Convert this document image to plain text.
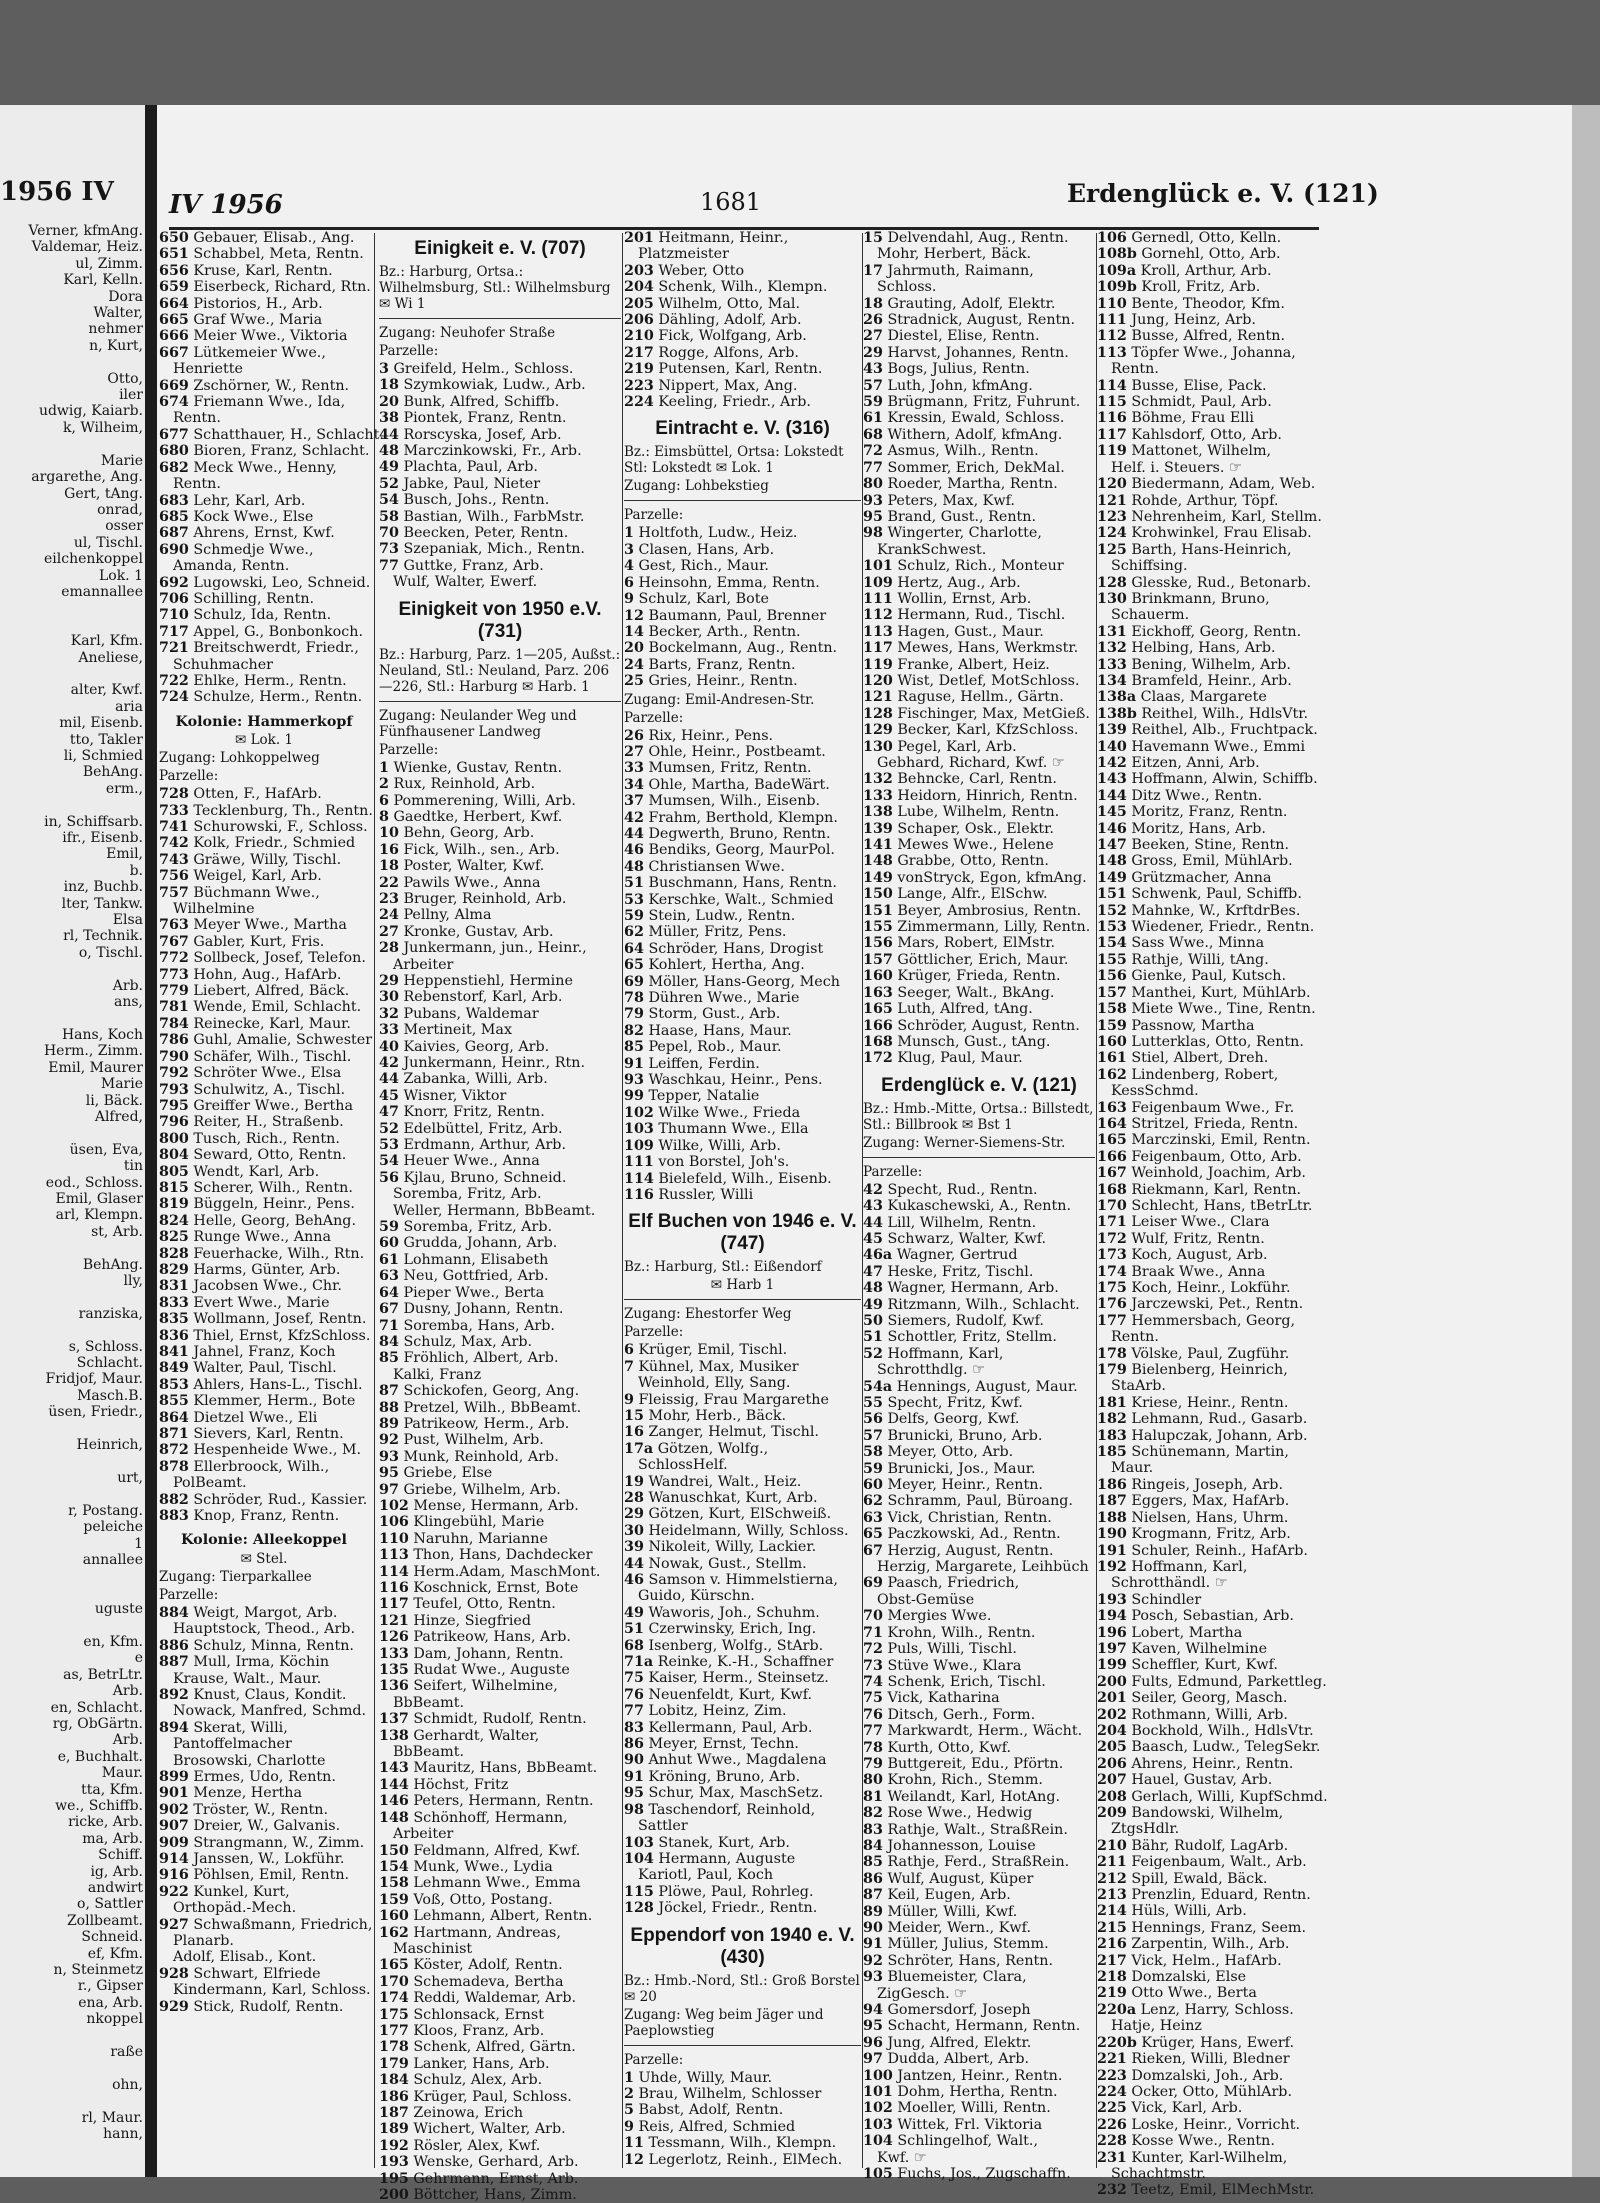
1956 IV
Verner, kfmAng.
Valdemar, Heiz.
ul, Zimm.
Karl, Kelln.
Dora
Walter,
nehmer
n, Kurt,

Otto,
iler
udwig, Kaiarb.
k, Wilheim,

Marie
argarethe, Ang.
Gert, tAng.
onrad,
osser
ul, Tischl.
eilchenkoppel
Lok. 1
emannallee

Karl, Kfm.
Aneliese,

alter, Kwf.
aria
mil, Eisenb.
tto, Takler
li, Schmied
BehAng.
erm.,

in, Schiffsarb.
ifr., Eisenb.
Emil,
b.
inz, Buchb.
lter, Tankw.
Elsa
rl, Technik.
o, Tischl.

Arb.
ans,

Hans, Koch
Herm., Zimm.
Emil, Maurer
Marie
li, Bäck.
Alfred,

üsen, Eva,
tin
eod., Schloss.
Emil, Glaser
arl, Klempn.
st, Arb.

BehAng.
lly,

ranziska,

s, Schloss.
Schlacht.
Fridjof, Maur.
Masch.B.
üsen, Friedr.,

Heinrich,

urt,

r, Postang.
peleiche
1
annallee

uguste

en, Kfm.
e
as, BetrLtr.
Arb.
en, Schlacht.
rg, ObGärtn.
Arb.
e, Buchhalt.
Maur.
tta, Kfm.
we., Schiffb.
ricke, Arb.
ma, Arb.
Schiff.
ig, Arb.
andwirt
o, Sattler
Zollbeamt.
Schneid.
ef, Kfm.
n, Steinmetz
r., Gipser
ena, Arb.
nkoppel

raße

ohn,

rl, Maur.
hann,
IV 1956	1681	Erdenglück e. V. (121)
650 Gebauer, Elisab., Ang.
651 Schabbel, Meta, Rentn.
656 Kruse, Karl, Rentn.
659 Eiserbeck, Richard, Rtn.
664 Pistorios, H., Arb.
665 Graf Wwe., Maria
666 Meier Wwe., Viktoria
667 Lütkemeier Wwe.,
Henriette
669 Zschörner, W., Rentn.
674 Friemann Wwe., Ida,
Rentn.
677 Schatthauer, H., Schlacht.
680 Bioren, Franz, Schlacht.
682 Meck Wwe., Henny,
Rentn.
683 Lehr, Karl, Arb.
685 Kock Wwe., Else
687 Ahrens, Ernst, Kwf.
690 Schmedje Wwe.,
Amanda, Rentn.
692 Lugowski, Leo, Schneid.
706 Schilling, Rentn.
710 Schulz, Ida, Rentn.
717 Appel, G., Bonbonkoch.
721 Breitschwerdt, Friedr.,
Schuhmacher
722 Ehlke, Herm., Rentn.
724 Schulze, Herm., Rentn.
Kolonie: Hammerkopf
✉ Lok. 1
Zugang: Lohkoppelweg
Parzelle:
728 Otten, F., HafArb.
733 Tecklenburg, Th., Rentn.
741 Schurowski, F., Schloss.
742 Kolk, Friedr., Schmied
743 Gräwe, Willy, Tischl.
756 Weigel, Karl, Arb.
757 Büchmann Wwe.,
Wilhelmine
763 Meyer Wwe., Martha
767 Gabler, Kurt, Fris.
772 Sollbeck, Josef, Telefon.
773 Hohn, Aug., HafArb.
779 Liebert, Alfred, Bäck.
781 Wende, Emil, Schlacht.
784 Reinecke, Karl, Maur.
786 Guhl, Amalie, Schwester
790 Schäfer, Wilh., Tischl.
792 Schröter Wwe., Elsa
793 Schulwitz, A., Tischl.
795 Greiffer Wwe., Bertha
796 Reiter, H., Straßenb.
800 Tusch, Rich., Rentn.
804 Seward, Otto, Rentn.
805 Wendt, Karl, Arb.
815 Scherer, Wilh., Rentn.
819 Büggeln, Heinr., Pens.
824 Helle, Georg, BehAng.
825 Runge Wwe., Anna
828 Feuerhacke, Wilh., Rtn.
829 Harms, Günter, Arb.
831 Jacobsen Wwe., Chr.
833 Evert Wwe., Marie
835 Wollmann, Josef, Rentn.
836 Thiel, Ernst, KfzSchloss.
841 Jahnel, Franz, Koch
849 Walter, Paul, Tischl.
853 Ahlers, Hans-L., Tischl.
855 Klemmer, Herm., Bote
864 Dietzel Wwe., Eli
871 Sievers, Karl, Rentn.
872 Hespenheide Wwe., M.
878 Ellerbroock, Wilh.,
PolBeamt.
882 Schröder, Rud., Kassier.
883 Knop, Franz, Rentn.
Kolonie: Alleekoppel
✉ Stel.
Zugang: Tierparkallee
Parzelle:
884 Weigt, Margot, Arb.
Hauptstock, Theod., Arb.
886 Schulz, Minna, Rentn.
887 Mull, Irma, Köchin
Krause, Walt., Maur.
892 Knust, Claus, Kondit.
Nowack, Manfred, Schmd.
894 Skerat, Willi,
Pantoffelmacher
Brosowski, Charlotte
899 Ermes, Udo, Rentn.
901 Menze, Hertha
902 Tröster, W., Rentn.
907 Dreier, W., Galvanis.
909 Strangmann, W., Zimm.
914 Janssen, W., Lokführ.
916 Pöhlsen, Emil, Rentn.
922 Kunkel, Kurt,
Orthopäd.-Mech.
927 Schwaßmann, Friedrich,
Planarb.
Adolf, Elisab., Kont.
928 Schwart, Elfriede
Kindermann, Karl, Schloss.
929 Stick, Rudolf, Rentn.
Einigkeit e. V. (707)
Bz.: Harburg, Ortsa.: Wilhelmsburg, Stl.: Wilhelmsburg ✉ Wi 1
Zugang: Neuhofer Straße
Parzelle:
3 Greifeld, Helm., Schloss.
18 Szymkowiak, Ludw., Arb.
20 Bunk, Alfred, Schiffb.
38 Piontek, Franz, Rentn.
44 Rorscyska, Josef, Arb.
48 Marczinkowski, Fr., Arb.
49 Plachta, Paul, Arb.
52 Jabke, Paul, Nieter
54 Busch, Johs., Rentn.
58 Bastian, Wilh., FarbMstr.
70 Beecken, Peter, Rentn.
73 Szepaniak, Mich., Rentn.
77 Guttke, Franz, Arb.
Wulf, Walter, Ewerf.
Einigkeit von 1950 e.V. (731)
Bz.: Harburg, Parz. 1—205, Außst.: Neuland, Stl.: Neuland, Parz. 206—226, Stl.: Harburg ✉ Harb. 1
Zugang: Neulander Weg und Fünfhausener Landweg
Parzelle:
1 Wienke, Gustav, Rentn.
2 Rux, Reinhold, Arb.
6 Pommerening, Willi, Arb.
8 Gaedtke, Herbert, Kwf.
10 Behn, Georg, Arb.
16 Fick, Wilh., sen., Arb.
18 Poster, Walter, Kwf.
22 Pawils Wwe., Anna
23 Bruger, Reinhold, Arb.
24 Pellny, Alma
27 Kronke, Gustav, Arb.
28 Junkermann, jun., Heinr.,
Arbeiter
29 Heppenstiehl, Hermine
30 Rebenstorf, Karl, Arb.
32 Pubans, Waldemar
33 Mertineit, Max
40 Kaivies, Georg, Arb.
42 Junkermann, Heinr., Rtn.
44 Zabanka, Willi, Arb.
45 Wisner, Viktor
47 Knorr, Fritz, Rentn.
52 Edelbüttel, Fritz, Arb.
53 Erdmann, Arthur, Arb.
54 Heuer Wwe., Anna
56 Kjlau, Bruno, Schneid.
Soremba, Fritz, Arb.
Weller, Hermann, BbBeamt.
59 Soremba, Fritz, Arb.
60 Grudda, Johann, Arb.
61 Lohmann, Elisabeth
63 Neu, Gottfried, Arb.
64 Pieper Wwe., Berta
67 Dusny, Johann, Rentn.
71 Soremba, Hans, Arb.
84 Schulz, Max, Arb.
85 Fröhlich, Albert, Arb.
Kalki, Franz
87 Schickofen, Georg, Ang.
88 Pretzel, Wilh., BbBeamt.
89 Patrikeow, Herm., Arb.
92 Pust, Wilhelm, Arb.
93 Munk, Reinhold, Arb.
95 Griebe, Else
97 Griebe, Wilhelm, Arb.
102 Mense, Hermann, Arb.
106 Klingebühl, Marie
110 Naruhn, Marianne
113 Thon, Hans, Dachdecker
114 Herm.Adam, MaschMont.
116 Koschnick, Ernst, Bote
117 Teufel, Otto, Rentn.
121 Hinze, Siegfried
126 Patrikeow, Hans, Arb.
133 Dam, Johann, Rentn.
135 Rudat Wwe., Auguste
136 Seifert, Wilhelmine,
BbBeamt.
137 Schmidt, Rudolf, Rentn.
138 Gerhardt, Walter,
BbBeamt.
143 Mauritz, Hans, BbBeamt.
144 Höchst, Fritz
146 Peters, Hermann, Rentn.
148 Schönhoff, Hermann,
Arbeiter
150 Feldmann, Alfred, Kwf.
154 Munk, Wwe., Lydia
158 Lehmann Wwe., Emma
159 Voß, Otto, Postang.
160 Lehmann, Albert, Rentn.
162 Hartmann, Andreas,
Maschinist
165 Köster, Adolf, Rentn.
170 Schemadeva, Bertha
174 Reddi, Waldemar, Arb.
175 Schlonsack, Ernst
177 Kloos, Franz, Arb.
178 Schenk, Alfred, Gärtn.
179 Lanker, Hans, Arb.
184 Schulz, Alex, Arb.
186 Krüger, Paul, Schloss.
187 Zeinowa, Erich
189 Wichert, Walter, Arb.
192 Rösler, Alex, Kwf.
193 Wenske, Gerhard, Arb.
195 Gehrmann, Ernst, Arb.
200 Böttcher, Hans, Zimm.
201 Heitmann, Heinr.,
Platzmeister
203 Weber, Otto
204 Schenk, Wilh., Klempn.
205 Wilhelm, Otto, Mal.
206 Dähling, Adolf, Arb.
210 Fick, Wolfgang, Arb.
217 Rogge, Alfons, Arb.
219 Putensen, Karl, Rentn.
223 Nippert, Max, Ang.
224 Keeling, Friedr., Arb.
Eintracht e. V. (316)
Bz.: Eimsbüttel, Ortsa: Lokstedt Stl: Lokstedt ✉ Lok. 1
Zugang: Lohbekstieg
Parzelle:
1 Holtfoth, Ludw., Heiz.
3 Clasen, Hans, Arb.
4 Gest, Rich., Maur.
6 Heinsohn, Emma, Rentn.
9 Schulz, Karl, Bote
12 Baumann, Paul, Brenner
14 Becker, Arth., Rentn.
20 Bockelmann, Aug., Rentn.
24 Barts, Franz, Rentn.
25 Gries, Heinr., Rentn.
Zugang: Emil-Andresen-Str.
Parzelle:
26 Rix, Heinr., Pens.
27 Ohle, Heinr., Postbeamt.
33 Mumsen, Fritz, Rentn.
34 Ohle, Martha, BadeWärt.
37 Mumsen, Wilh., Eisenb.
42 Frahm, Berthold, Klempn.
44 Degwerth, Bruno, Rentn.
46 Bendiks, Georg, MaurPol.
48 Christiansen Wwe.
51 Buschmann, Hans, Rentn.
53 Kerschke, Walt., Schmied
59 Stein, Ludw., Rentn.
62 Müller, Fritz, Pens.
64 Schröder, Hans, Drogist
65 Kohlert, Hertha, Ang.
69 Möller, Hans-Georg, Mech
78 Dühren Wwe., Marie
79 Storm, Gust., Arb.
82 Haase, Hans, Maur.
85 Pepel, Rob., Maur.
91 Leiffen, Ferdin.
93 Waschkau, Heinr., Pens.
99 Tepper, Natalie
102 Wilke Wwe., Frieda
103 Thumann Wwe., Ella
109 Wilke, Willi, Arb.
111 von Borstel, Joh's.
114 Bielefeld, Wilh., Eisenb.
116 Russler, Willi
Elf Buchen von 1946 e. V. (747)
Bz.: Harburg, Stl.: Eißendorf
✉ Harb 1
Zugang: Ehestorfer Weg
Parzelle:
6 Krüger, Emil, Tischl.
7 Kühnel, Max, Musiker
Weinhold, Elly, Sang.
9 Fleissig, Frau Margarethe
15 Mohr, Herb., Bäck.
16 Zanger, Helmut, Tischl.
17a Götzen, Wolfg.,
SchlossHelf.
19 Wandrei, Walt., Heiz.
28 Wanuschkat, Kurt, Arb.
29 Götzen, Kurt, ElSchweiß.
30 Heidelmann, Willy, Schloss.
39 Nikoleit, Willy, Lackier.
44 Nowak, Gust., Stellm.
46 Samson v. Himmelstierna,
Guido, Kürschn.
49 Waworis, Joh., Schuhm.
51 Czerwinsky, Erich, Ing.
68 Isenberg, Wolfg., StArb.
71a Reinke, K.-H., Schaffner
75 Kaiser, Herm., Steinsetz.
76 Neuenfeldt, Kurt, Kwf.
77 Lobitz, Heinz, Zim.
83 Kellermann, Paul, Arb.
86 Meyer, Ernst, Techn.
90 Anhut Wwe., Magdalena
91 Kröning, Bruno, Arb.
95 Schur, Max, MaschSetz.
98 Taschendorf, Reinhold,
Sattler
103 Stanek, Kurt, Arb.
104 Hermann, Auguste
Kariotl, Paul, Koch
115 Plöwe, Paul, Rohrleg.
128 Jöckel, Friedr., Rentn.
Eppendorf von 1940 e. V. (430)
Bz.: Hmb.-Nord, Stl.: Groß Borstel ✉ 20
Zugang: Weg beim Jäger und Paeplowstieg
Parzelle:
1 Uhde, Willy, Maur.
2 Brau, Wilhelm, Schlosser
5 Babst, Adolf, Rentn.
9 Reis, Alfred, Schmied
11 Tessmann, Wilh., Klempn.
12 Legerlotz, Reinh., ElMech.
15 Delvendahl, Aug., Rentn.
Mohr, Herbert, Bäck.
17 Jahrmuth, Raimann,
Schloss.
18 Grauting, Adolf, Elektr.
26 Stradnick, August, Rentn.
27 Diestel, Elise, Rentn.
29 Harvst, Johannes, Rentn.
43 Bogs, Julius, Rentn.
57 Luth, John, kfmAng.
59 Brügmann, Fritz, Fuhrunt.
61 Kressin, Ewald, Schloss.
68 Withern, Adolf, kfmAng.
72 Asmus, Wilh., Rentn.
77 Sommer, Erich, DekMal.
80 Roeder, Martha, Rentn.
93 Peters, Max, Kwf.
95 Brand, Gust., Rentn.
98 Wingerter, Charlotte,
KrankSchwest.
101 Schulz, Rich., Monteur
109 Hertz, Aug., Arb.
111 Wollin, Ernst, Arb.
112 Hermann, Rud., Tischl.
113 Hagen, Gust., Maur.
117 Mewes, Hans, Werkmstr.
119 Franke, Albert, Heiz.
120 Wist, Detlef, MotSchloss.
121 Raguse, Hellm., Gärtn.
128 Fischinger, Max, MetGieß.
129 Becker, Karl, KfzSchloss.
130 Pegel, Karl, Arb.
Gebhard, Richard, Kwf. ☞
132 Behncke, Carl, Rentn.
133 Heidorn, Hinrich, Rentn.
138 Lube, Wilhelm, Rentn.
139 Schaper, Osk., Elektr.
141 Mewes Wwe., Helene
148 Grabbe, Otto, Rentn.
149 vonStryck, Egon, kfmAng.
150 Lange, Alfr., ElSchw.
151 Beyer, Ambrosius, Rentn.
155 Zimmermann, Lilly, Rentn.
156 Mars, Robert, ElMstr.
157 Göttlicher, Erich, Maur.
160 Krüger, Frieda, Rentn.
163 Seeger, Walt., BkAng.
165 Luth, Alfred, tAng.
166 Schröder, August, Rentn.
168 Munsch, Gust., tAng.
172 Klug, Paul, Maur.
Erdenglück e. V. (121)
Bz.: Hmb.-Mitte, Ortsa.: Billstedt, Stl.: Billbrook ✉ Bst 1
Zugang: Werner-Siemens-Str.
Parzelle:
42 Specht, Rud., Rentn.
43 Kukaschewski, A., Rentn.
44 Lill, Wilhelm, Rentn.
45 Schwarz, Walter, Kwf.
46a Wagner, Gertrud
47 Heske, Fritz, Tischl.
48 Wagner, Hermann, Arb.
49 Ritzmann, Wilh., Schlacht.
50 Siemers, Rudolf, Kwf.
51 Schottler, Fritz, Stellm.
52 Hoffmann, Karl,
Schrotthdlg. ☞
54a Hennings, August, Maur.
55 Specht, Fritz, Kwf.
56 Delfs, Georg, Kwf.
57 Brunicki, Bruno, Arb.
58 Meyer, Otto, Arb.
59 Brunicki, Jos., Maur.
60 Meyer, Heinr., Rentn.
62 Schramm, Paul, Büroang.
63 Vick, Christian, Rentn.
65 Paczkowski, Ad., Rentn.
67 Herzig, August, Rentn.
Herzig, Margarete, Leihbüch
69 Paasch, Friedrich,
Obst-Gemüse
70 Mergies Wwe.
71 Krohn, Wilh., Rentn.
72 Puls, Willi, Tischl.
73 Stüve Wwe., Klara
74 Schenk, Erich, Tischl.
75 Vick, Katharina
76 Ditsch, Gerh., Form.
77 Markwardt, Herm., Wächt.
78 Kurth, Otto, Kwf.
79 Buttgereit, Edu., Pförtn.
80 Krohn, Rich., Stemm.
81 Weilandt, Karl, HotAng.
82 Rose Wwe., Hedwig
83 Rathje, Walt., StraßRein.
84 Johannesson, Louise
85 Rathje, Ferd., StraßRein.
86 Wulf, August, Küper
87 Keil, Eugen, Arb.
89 Müller, Willi, Kwf.
90 Meider, Wern., Kwf.
91 Müller, Julius, Stemm.
92 Schröter, Hans, Rentn.
93 Bluemeister, Clara,
ZigGesch. ☞
94 Gomersdorf, Joseph
95 Schacht, Hermann, Rentn.
96 Jung, Alfred, Elektr.
97 Dudda, Albert, Arb.
100 Jantzen, Heinr., Rentn.
101 Dohm, Hertha, Rentn.
102 Moeller, Willi, Rentn.
103 Wittek, Frl. Viktoria
104 Schlingelhof, Walt.,
Kwf. ☞
105 Fuchs, Jos., Zugschaffn.
106 Gernedl, Otto, Kelln.
108b Gornehl, Otto, Arb.
109a Kroll, Arthur, Arb.
109b Kroll, Fritz, Arb.
110 Bente, Theodor, Kfm.
111 Jung, Heinz, Arb.
112 Busse, Alfred, Rentn.
113 Töpfer Wwe., Johanna,
Rentn.
114 Busse, Elise, Pack.
115 Schmidt, Paul, Arb.
116 Böhme, Frau Elli
117 Kahlsdorf, Otto, Arb.
119 Mattonet, Wilhelm,
Helf. i. Steuers. ☞
120 Biedermann, Adam, Web.
121 Rohde, Arthur, Töpf.
123 Nehrenheim, Karl, Stellm.
124 Krohwinkel, Frau Elisab.
125 Barth, Hans-Heinrich,
Schiffsing.
128 Glesske, Rud., Betonarb.
130 Brinkmann, Bruno,
Schauerm.
131 Eickhoff, Georg, Rentn.
132 Helbing, Hans, Arb.
133 Bening, Wilhelm, Arb.
134 Bramfeld, Heinr., Arb.
138a Claas, Margarete
138b Reithel, Wilh., HdlsVtr.
139 Reithel, Alb., Fruchtpack.
140 Havemann Wwe., Emmi
142 Eitzen, Anni, Arb.
143 Hoffmann, Alwin, Schiffb.
144 Ditz Wwe., Rentn.
145 Moritz, Franz, Rentn.
146 Moritz, Hans, Arb.
147 Beeken, Stine, Rentn.
148 Gross, Emil, MühlArb.
149 Grützmacher, Anna
151 Schwenk, Paul, Schiffb.
152 Mahnke, W., KrftdrBes.
153 Wiedener, Friedr., Rentn.
154 Sass Wwe., Minna
155 Rathje, Willi, tAng.
156 Gienke, Paul, Kutsch.
157 Manthei, Kurt, MühlArb.
158 Miete Wwe., Tine, Rentn.
159 Passnow, Martha
160 Lutterklas, Otto, Rentn.
161 Stiel, Albert, Dreh.
162 Lindenberg, Robert,
KessSchmd.
163 Feigenbaum Wwe., Fr.
164 Stritzel, Frieda, Rentn.
165 Marczinski, Emil, Rentn.
166 Feigenbaum, Otto, Arb.
167 Weinhold, Joachim, Arb.
168 Riekmann, Karl, Rentn.
170 Schlecht, Hans, tBetrLtr.
171 Leiser Wwe., Clara
172 Wulf, Fritz, Rentn.
173 Koch, August, Arb.
174 Braak Wwe., Anna
175 Koch, Heinr., Lokführ.
176 Jarczewski, Pet., Rentn.
177 Hemmersbach, Georg,
Rentn.
178 Völske, Paul, Zugführ.
179 Bielenberg, Heinrich,
StaArb.
181 Kriese, Heinr., Rentn.
182 Lehmann, Rud., Gasarb.
183 Halupczak, Johann, Arb.
185 Schünemann, Martin,
Maur.
186 Ringeis, Joseph, Arb.
187 Eggers, Max, HafArb.
188 Nielsen, Hans, Uhrm.
190 Krogmann, Fritz, Arb.
191 Schuler, Reinh., HafArb.
192 Hoffmann, Karl,
Schrotthändl. ☞
193 Schindler
194 Posch, Sebastian, Arb.
196 Lobert, Martha
197 Kaven, Wilhelmine
199 Scheffler, Kurt, Kwf.
200 Fults, Edmund, Parkettleg.
201 Seiler, Georg, Masch.
202 Rothmann, Willi, Arb.
204 Bockhold, Wilh., HdlsVtr.
205 Baasch, Ludw., TelegSekr.
206 Ahrens, Heinr., Rentn.
207 Hauel, Gustav, Arb.
208 Gerlach, Willi, KupfSchmd.
209 Bandowski, Wilhelm,
ZtgsHdlr.
210 Bähr, Rudolf, LagArb.
211 Feigenbaum, Walt., Arb.
212 Spill, Ewald, Bäck.
213 Prenzlin, Eduard, Rentn.
214 Hüls, Willi, Arb.
215 Hennings, Franz, Seem.
216 Zarpentin, Wilh., Arb.
217 Vick, Helm., HafArb.
218 Domzalski, Else
219 Otto Wwe., Berta
220a Lenz, Harry, Schloss.
Hatje, Heinz
220b Krüger, Hans, Ewerf.
221 Rieken, Willi, Bledner
223 Domzalski, Joh., Arb.
224 Ocker, Otto, MühlArb.
225 Vick, Karl, Arb.
226 Loske, Heinr., Vorricht.
228 Kosse Wwe., Rentn.
231 Kunter, Karl-Wilhelm,
Schachtmstr.
232 Teetz, Emil, ElMechMstr.
